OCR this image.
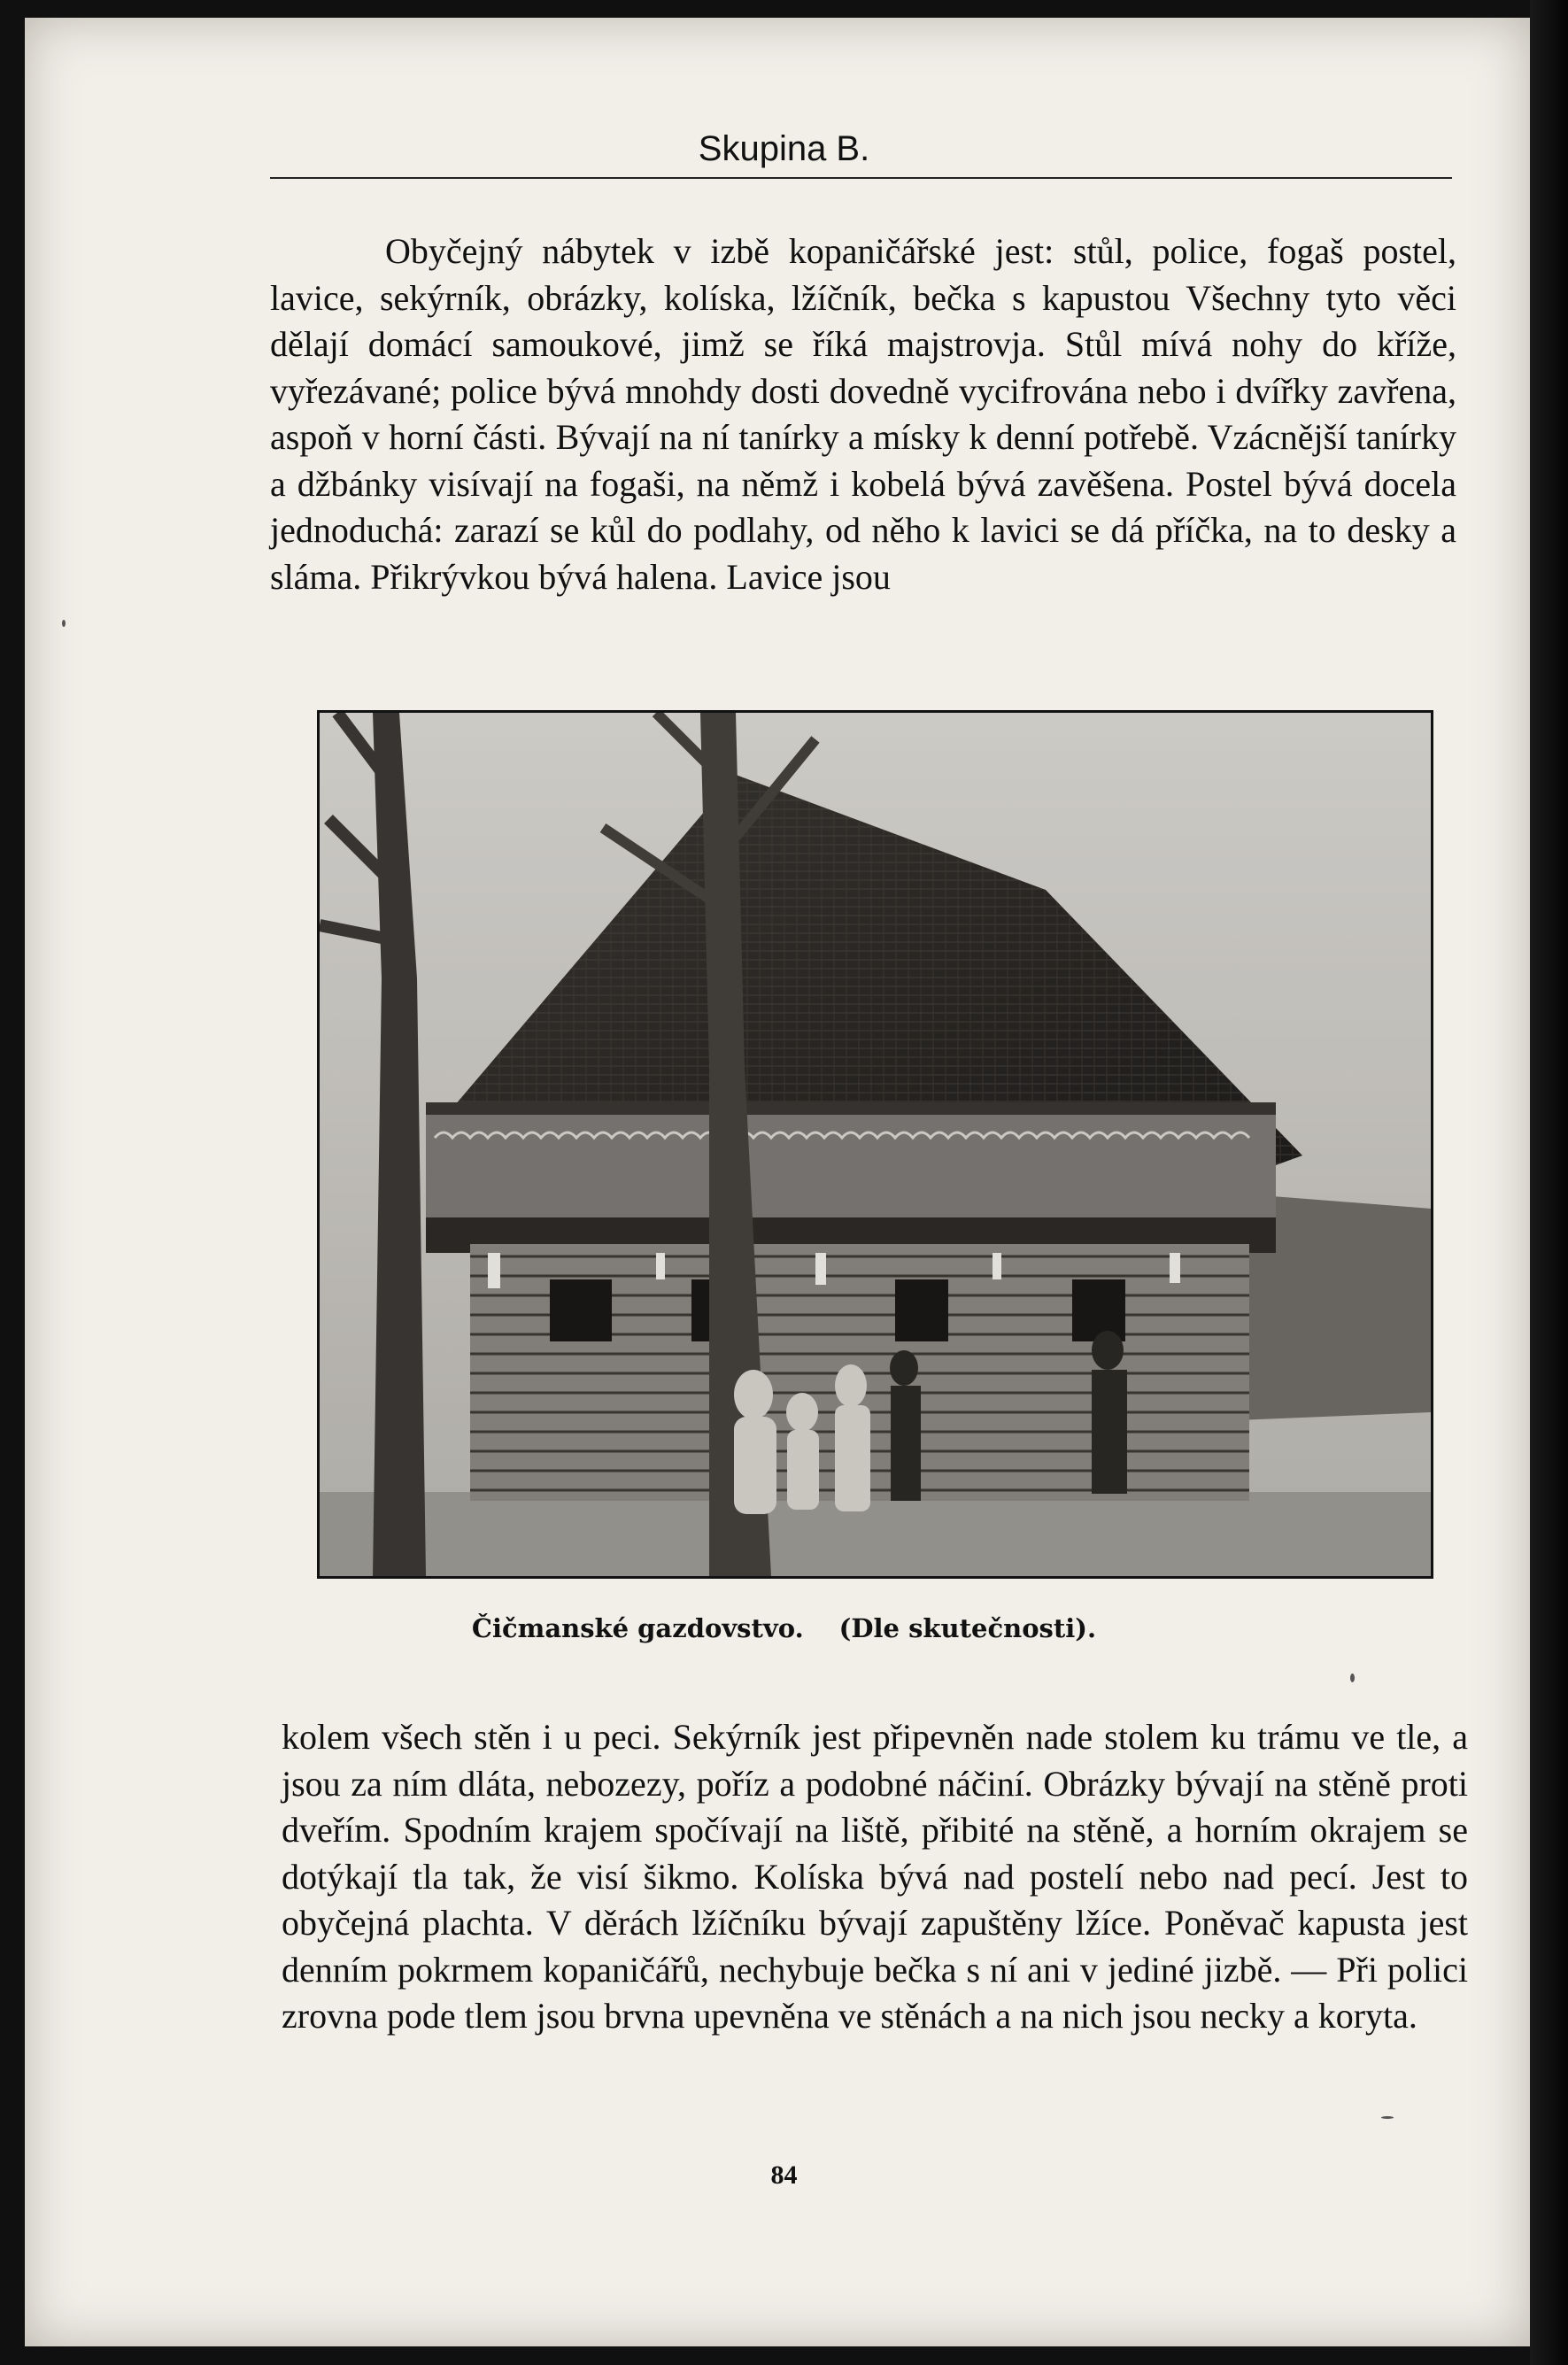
Skupina B.

Obyčejný nábytek v izbě kopaničářské jest: stůl, police, fogaš postel, lavice, sekýrník, obrázky, kolíska, lžíčník, bečka s kapustou Všechny tyto věci dělají domácí samoukové, jimž se říká majstrovja. Stůl mívá nohy do kříže, vyřezávané; police bývá mnohdy dosti dovedně vycifrována nebo i dvířky zavřena, aspoň v horní části. Bývají na ní tanírky a mísky k denní potřebě. Vzácnější tanírky a džbánky visívají na fogaši, na němž i kobelá bývá zavěšena. Postel bývá docela jednoduchá: zarazí se kůl do podlahy, od něho k lavici se dá příčka, na to desky a sláma. Přikrývkou bývá halena. Lavice jsou

Čičmanské gazdovstvo. (Dle skutečnosti).

kolem všech stěn i u peci. Sekýrník jest připevněn nade stolem ku trámu ve tle, a jsou za ním dláta, nebozezy, poříz a podobné náčiní. Obrázky bývají na stěně proti dveřím. Spodním krajem spočívají na liště, přibité na stěně, a horním okrajem se dotýkají tla tak, že visí šikmo. Kolíska bývá nad postelí nebo nad pecí. Jest to obyčejná plachta. V děrách lžíčníku bývají zapuštěny lžíce. Poněvač kapusta jest denním pokrmem kopaničářů, nechybuje bečka s ní ani v jediné jizbě. — Při polici zrovna pode tlem jsou brvna upevněna ve stěnách a na nich jsou necky a koryta.

84
